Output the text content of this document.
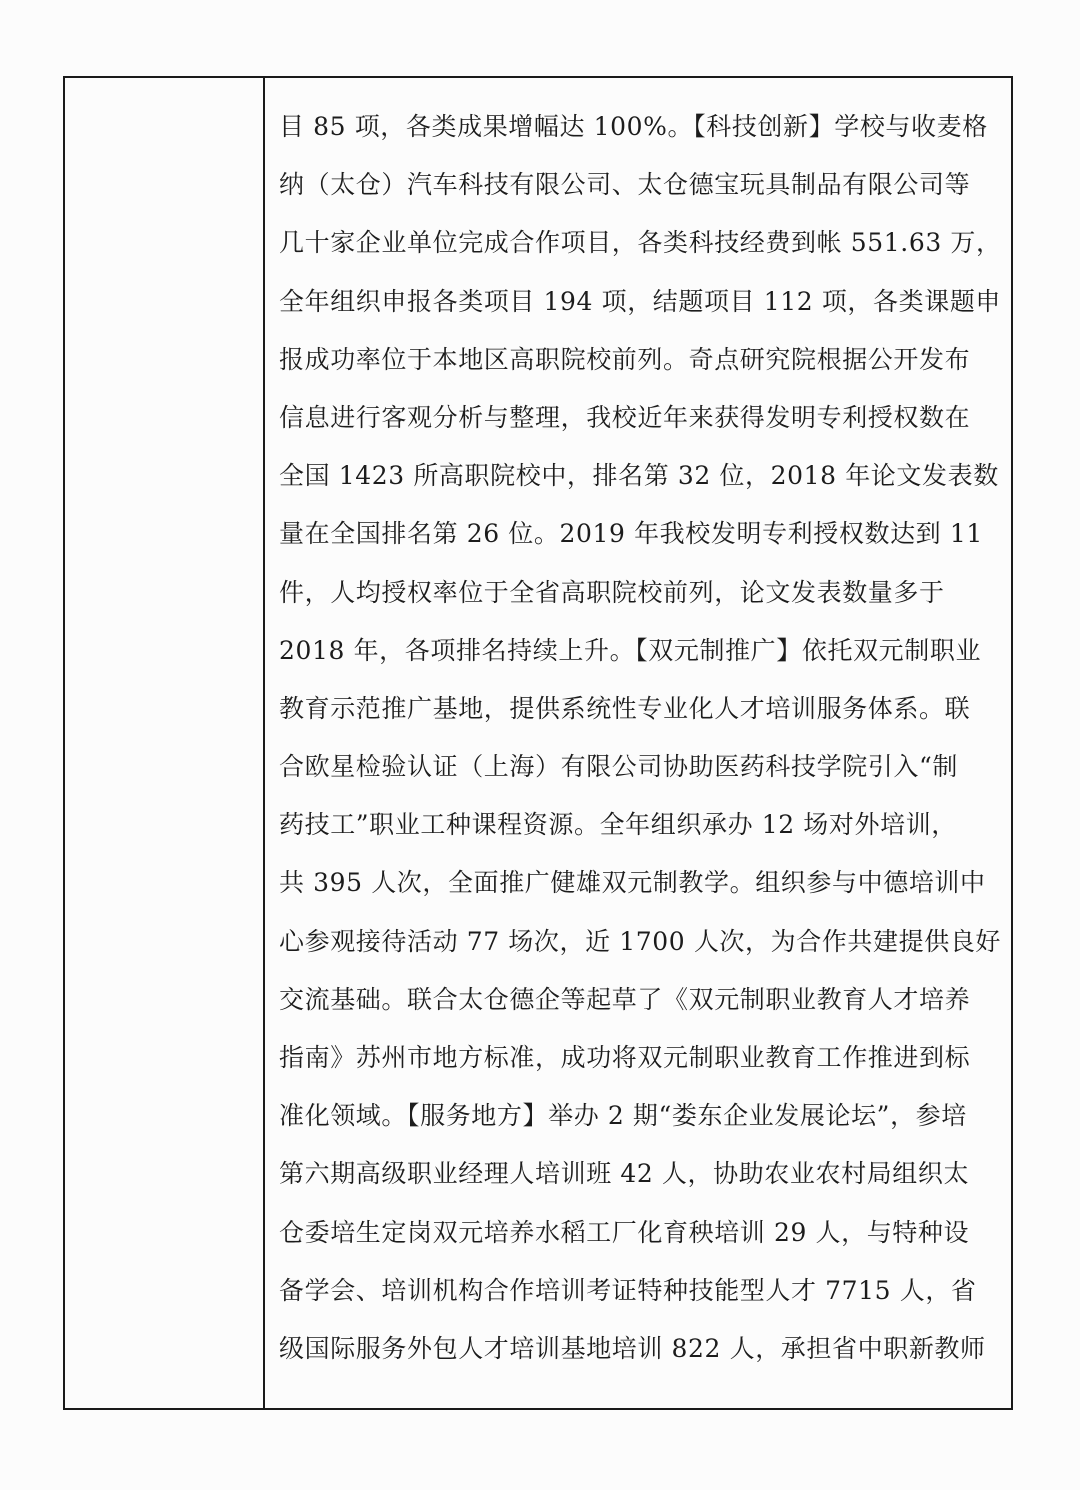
目 85 项，各类成果增幅达 100%。【科技创新】学校与收麦格
纳（太仓）汽车科技有限公司、太仓德宝玩具制品有限公司等
几十家企业单位完成合作项目，各类科技经费到帐 551.63 万，
全年组织申报各类项目 194 项，结题项目 112 项，各类课题申
报成功率位于本地区高职院校前列。奇点研究院根据公开发布
信息进行客观分析与整理，我校近年来获得发明专利授权数在
全国 1423 所高职院校中，排名第 32 位，2018 年论文发表数
量在全国排名第 26 位。2019 年我校发明专利授权数达到 11
件，人均授权率位于全省高职院校前列，论文发表数量多于
2018 年，各项排名持续上升。【双元制推广】依托双元制职业
教育示范推广基地，提供系统性专业化人才培训服务体系。联
合欧星检验认证（上海）有限公司协助医药科技学院引入“制
药技工”职业工种课程资源。全年组织承办 12 场对外培训，
共 395 人次，全面推广健雄双元制教学。组织参与中德培训中
心参观接待活动 77 场次，近 1700 人次，为合作共建提供良好
交流基础。联合太仓德企等起草了《双元制职业教育人才培养
指南》苏州市地方标准，成功将双元制职业教育工作推进到标
准化领域。【服务地方】举办 2 期“娄东企业发展论坛”，参培
第六期高级职业经理人培训班 42 人，协助农业农村局组织太
仓委培生定岗双元培养水稻工厂化育秧培训 29 人，与特种设
备学会、培训机构合作培训考证特种技能型人才 7715 人，省
级国际服务外包人才培训基地培训 822 人，承担省中职新教师
